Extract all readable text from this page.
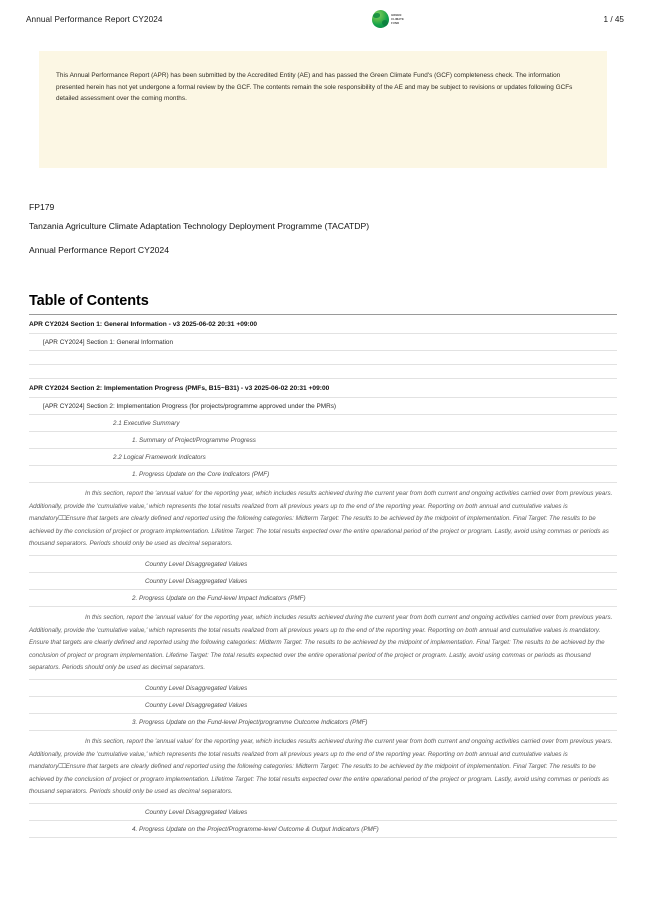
Annual Performance Report CY2024	GREEN
CLIMATE
FUND
1 / 45
This Annual Performance Report (APR) has been submitted by the Accredited Entity (AE) and has passed the Green Climate Fund's (GCF) completeness check. The information presented herein has not yet undergone a formal review by the GCF. The contents remain the sole responsibility of the AE and may be subject to revisions or updates following GCFs detailed assessment over the coming months.
FP179
Tanzania Agriculture Climate Adaptation Technology Deployment Programme (TACATDP)
Annual Performance Report CY2024
Table of Contents
APR CY2024 Section 1: General Information - v3 2025-06-02 20:31 +09:00
[APR CY2024] Section 1: General Information
APR CY2024 Section 2: Implementation Progress (PMFs, B15~B31) - v3 2025-06-02 20:31 +09:00
[APR CY2024] Section 2: Implementation Progress (for projects/programme approved under the PMRs)
2.1 Executive Summary
1. Summary of Project/Programme Progress
2.2 Logical Framework Indicators
1. Progress Update on the Core Indicators (PMF)
In this section, report the 'annual value' for the reporting year, which includes results achieved during the current year from both current and ongoing activities carried over from previous years. Additionally, provide the 'cumulative value,' which represents the total results realized from all previous years up to the end of the reporting year. Reporting on both annual and cumulative values is mandatory⎕⎕Ensure that targets are clearly defined and reported using the following categories: Midterm Target: The results to be achieved by the midpoint of implementation. Final Target: The results to be achieved by the conclusion of project or program implementation. Lifetime Target: The total results expected over the entire operational period of the project or program. Lastly, avoid using commas or periods as thousand separators. Periods should only be used as decimal separators.
Country Level Disaggregated Values
Country Level Disaggregated Values
2. Progress Update on the Fund-level Impact Indicators (PMF)
In this section, report the 'annual value' for the reporting year, which includes results achieved during the current year from both current and ongoing activities carried over from previous years. Additionally, provide the 'cumulative value,' which represents the total results realized from all previous years up to the end of the reporting year. Reporting on both annual and cumulative values is mandatory. Ensure that targets are clearly defined and reported using the following categories: Midterm Target: The results to be achieved by the midpoint of implementation. Final Target: The results to be achieved by the conclusion of project or program implementation. Lifetime Target: The total results expected over the entire operational period of the project or program. Lastly, avoid using commas or periods as thousand separators. Periods should only be used as decimal separators.
Country Level Disaggregated Values
Country Level Disaggregated Values
3. Progress Update on the Fund-level Project/programme Outcome Indicators (PMF)
In this section, report the 'annual value' for the reporting year, which includes results achieved during the current year from both current and ongoing activities carried over from previous years. Additionally, provide the 'cumulative value,' which represents the total results realized from all previous years up to the end of the reporting year. Reporting on both annual and cumulative values is mandatory⎕⎕Ensure that targets are clearly defined and reported using the following categories: Midterm Target: The results to be achieved by the midpoint of implementation. Final Target: The results to be achieved by the conclusion of project or program implementation. Lifetime Target: The total results expected over the entire operational period of the project or program. Lastly, avoid using commas or periods as thousand separators. Periods should only be used as decimal separators.
Country Level Disaggregated Values
4. Progress Update on the Project/Programme-level Outcome & Output Indicators (PMF)
